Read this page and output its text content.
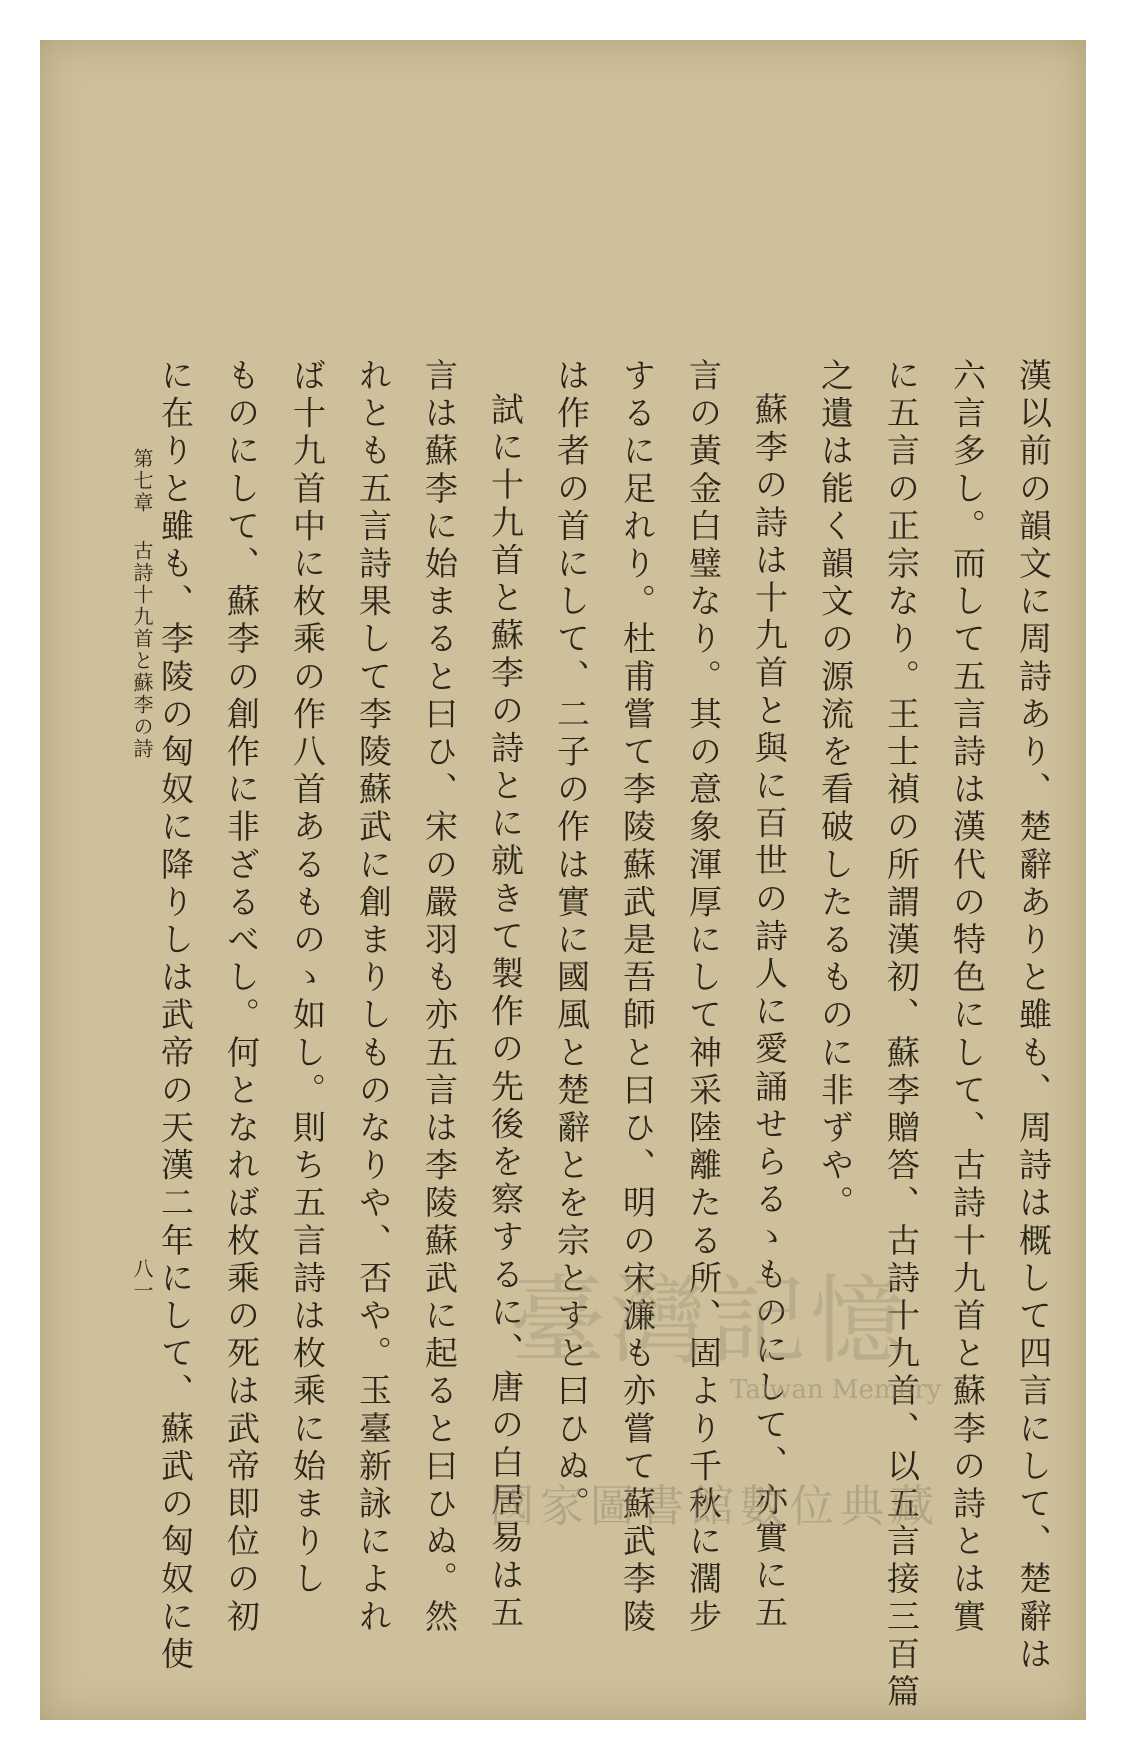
漢以前の韻文に周詩あり、楚辭ありと雖も、周詩は概して四言にして、楚辭は
六言多し。而して五言詩は漢代の特色にして、古詩十九首と蘇李の詩とは實
に五言の正宗なり。王士禎の所謂漢初、蘇李贈答、古詩十九首、以五言接三百篇
之遺は能く韻文の源流を看破したるものに非ずや。
蘇李の詩は十九首と與に百世の詩人に愛誦せらるゝものにして、亦實に五
言の黃金白璧なり。其の意象渾厚にして神采陸離たる所、固より千秋に濶步
するに足れり。杜甫嘗て李陵蘇武是吾師と曰ひ、明の宋濂も亦嘗て蘇武李陵
は作者の首にして、二子の作は實に國風と楚辭とを宗とすと曰ひぬ。
試に十九首と蘇李の詩とに就きて製作の先後を察するに、唐の白居易は五
言は蘇李に始まると曰ひ、宋の嚴羽も亦五言は李陵蘇武に起ると曰ひぬ。然
れとも五言詩果して李陵蘇武に創まりしものなりや、否や。玉臺新詠によれ
ば十九首中に枚乘の作八首あるものゝ如し。則ち五言詩は枚乘に始まりし
ものにして、蘇李の創作に非ざるべし。何となれば枚乘の死は武帝即位の初
に在りと雖も、李陵の匈奴に降りしは武帝の天漢二年にして、蘇武の匈奴に使
第七章
古詩十九首と蘇李の詩
八一	臺灣記憶
Taiwan Memory
國家圖書館數位典藏
